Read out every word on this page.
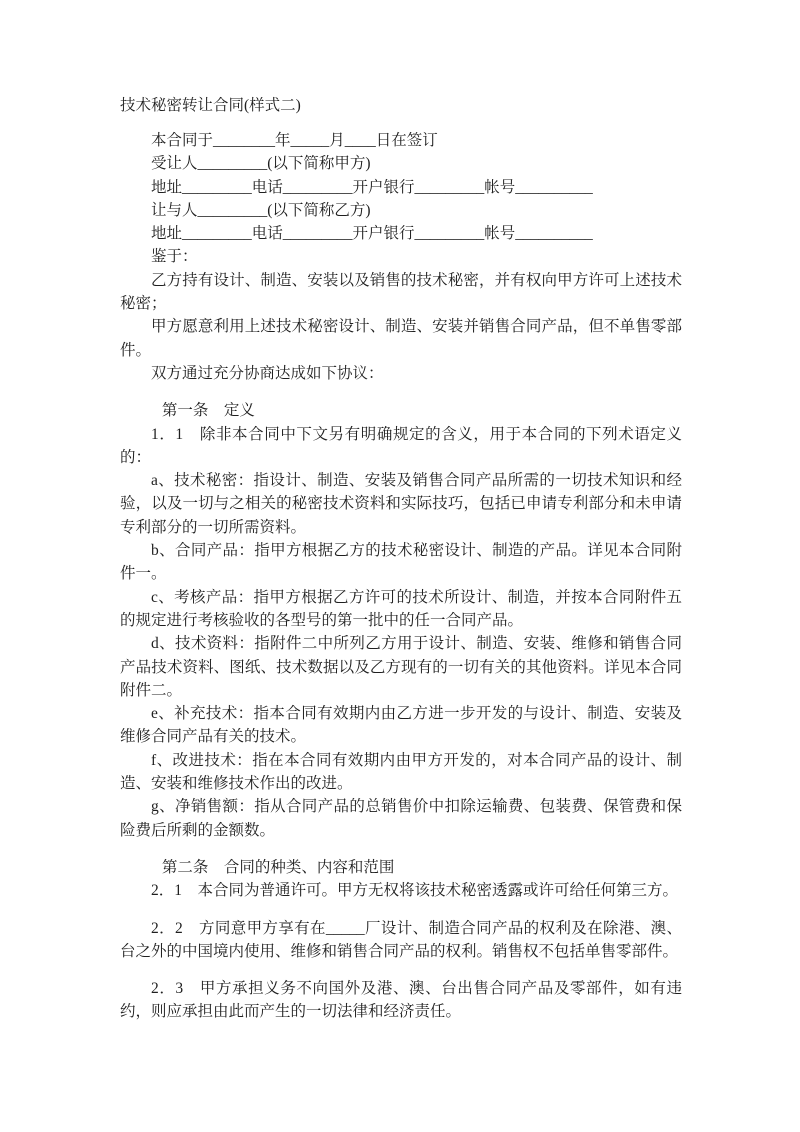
技术秘密转让合同(样式二)

本合同于________年_____月____日在签订

受让人_________(以下简称甲方)

地址_________电话_________开户银行_________帐号__________

让与人_________(以下简称乙方)

地址_________电话_________开户银行_________帐号__________

鉴于：

乙方持有设计、制造、安装以及销售的技术秘密，并有权向甲方许可上述技术秘密；

甲方愿意利用上述技术秘密设计、制造、安装并销售合同产品，但不单售零部件。

双方通过充分协商达成如下协议：

第一条　定义

1．1　除非本合同中下文另有明确规定的含义，用于本合同的下列术语定义的：

a、技术秘密：指设计、制造、安装及销售合同产品所需的一切技术知识和经验，以及一切与之相关的秘密技术资料和实际技巧，包括已申请专利部分和未申请专利部分的一切所需资料。

b、合同产品：指甲方根据乙方的技术秘密设计、制造的产品。详见本合同附件一。

c、考核产品：指甲方根据乙方许可的技术所设计、制造，并按本合同附件五的规定进行考核验收的各型号的第一批中的任一合同产品。

d、技术资料：指附件二中所列乙方用于设计、制造、安装、维修和销售合同产品技术资料、图纸、技术数据以及乙方现有的一切有关的其他资料。详见本合同附件二。

e、补充技术：指本合同有效期内由乙方进一步开发的与设计、制造、安装及维修合同产品有关的技术。

f、改进技术：指在本合同有效期内由甲方开发的，对本合同产品的设计、制造、安装和维修技术作出的改进。

g、净销售额：指从合同产品的总销售价中扣除运输费、包装费、保管费和保险费后所剩的金额数。

第二条　合同的种类、内容和范围

2．1　本合同为普通许可。甲方无权将该技术秘密透露或许可给任何第三方。

2．2　方同意甲方享有在_____厂设计、制造合同产品的权利及在除港、澳、台之外的中国境内使用、维修和销售合同产品的权利。销售权不包括单售零部件。

2．3　甲方承担义务不向国外及港、澳、台出售合同产品及零部件，如有违约，则应承担由此而产生的一切法律和经济责任。
